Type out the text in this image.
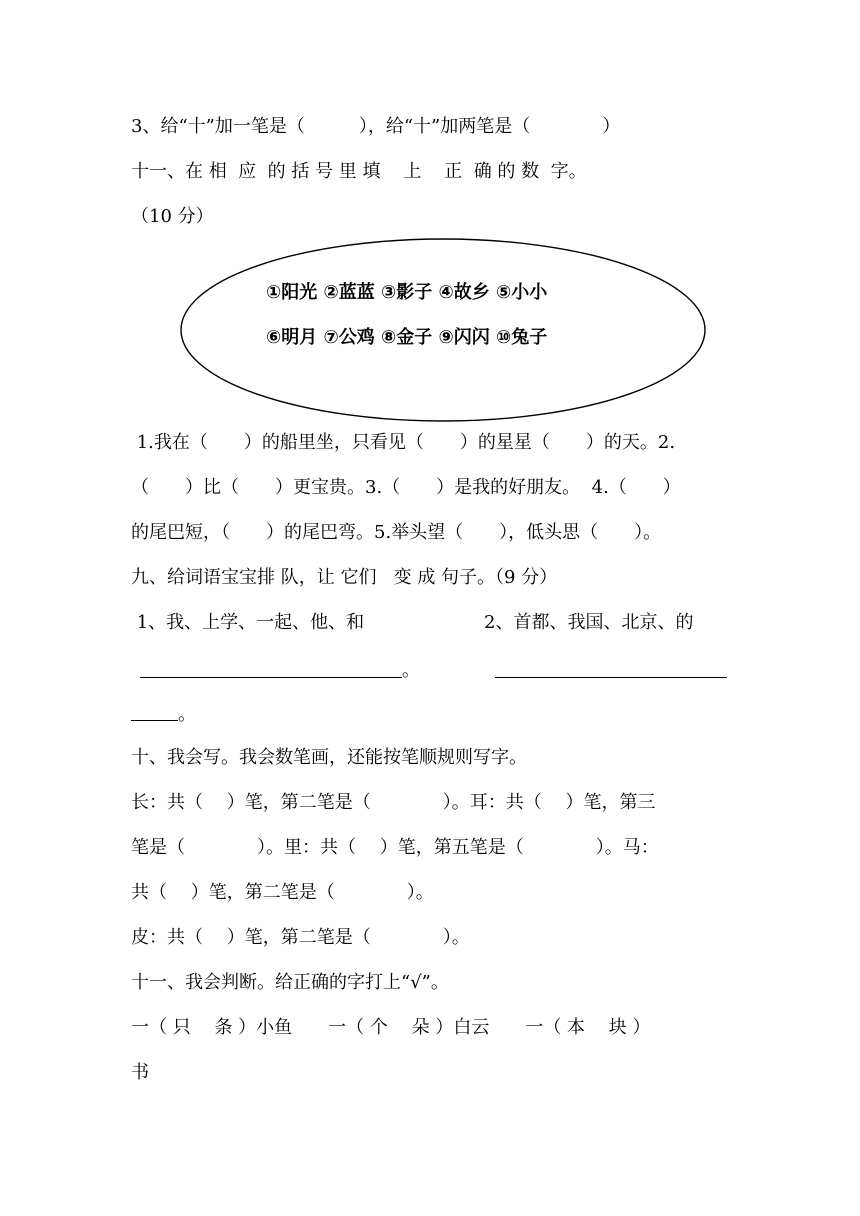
3、给“十”加一笔是（　　　），给“十”加两笔是（　　　　）
十一、在 相  应  的 括 号 里 填    上    正  确 的 数  字。
（10 分）
①阳光 ②蓝蓝 ③影子 ④故乡 ⑤小小
⑥明月 ⑦公鸡 ⑧金子 ⑨闪闪 ⑩兔子
1.我在（　　）的船里坐，只看见（　　）的星星（　　）的天。2.
（　　）比（　　）更宝贵。3.（　　）是我的好朋友。  4.（　　）
的尾巴短，（　　）的尾巴弯。5.举头望（　　），低头思（　　）。
九、给词语宝宝排 队，让 它们   变 成 句子。（9 分）
1、我、上学、一起、他、和	2、首都、我国、北京、的
。
。
十、我会写。我会数笔画，还能按笔顺规则写字。
长：共（　 ）笔，第二笔是（　　　　）。耳：共（　 ）笔，第三
笔是（　　　　）。里：共（　 ）笔，第五笔是（　　　　）。马：
共（　 ）笔，第二笔是（　　　　）。
皮：共（　 ）笔，第二笔是（　　　　）。
十一、我会判断。给正确的字打上“√”。
一（ 只　 条 ）小鱼　　一（ 个　 朵 ）白云　　一（ 本　 块 ）
书
